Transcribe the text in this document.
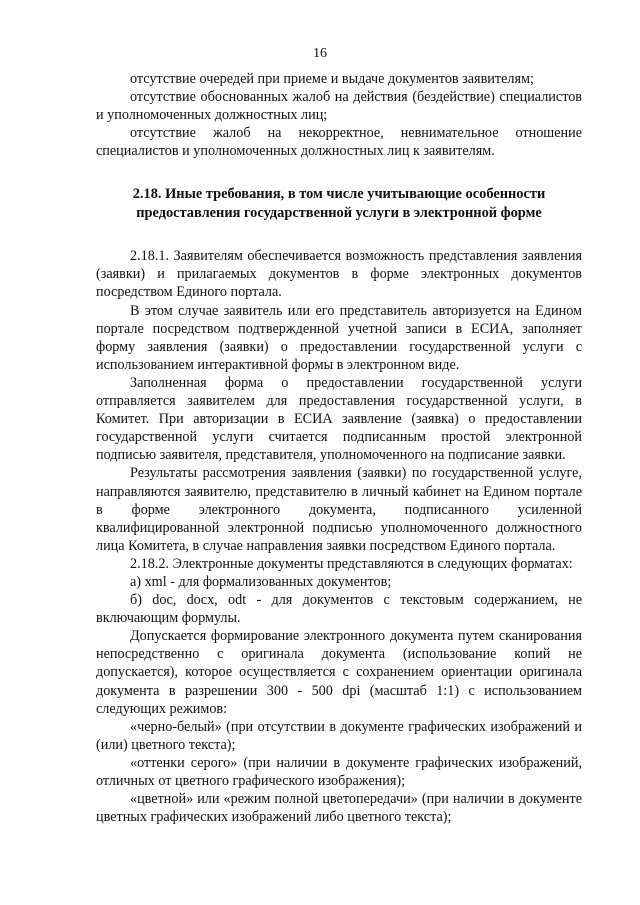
16

отсутствие очередей при приеме и выдаче документов заявителям;

отсутствие обоснованных жалоб на действия (бездействие) специалистов и уполномоченных должностных лиц;

отсутствие жалоб на некорректное, невнимательное отношение специалистов и уполномоченных должностных лиц к заявителям.

2.18. Иные требования, в том числе учитывающие особенности предоставления государственной услуги в электронной форме

2.18.1. Заявителям обеспечивается возможность представления заявления (заявки) и прилагаемых документов в форме электронных документов посредством Единого портала.

В этом случае заявитель или его представитель авторизуется на Едином портале посредством подтвержденной учетной записи в ЕСИА, заполняет форму заявления (заявки) о предоставлении государственной услуги с использованием интерактивной формы в электронном виде.

Заполненная форма о предоставлении государственной услуги отправляется заявителем для предоставления государственной услуги, в Комитет. При авторизации в ЕСИА заявление (заявка) о предоставлении государственной услуги считается подписанным простой электронной подписью заявителя, представителя, уполномоченного на подписание заявки.

Результаты рассмотрения заявления (заявки) по государственной услуге, направляются заявителю, представителю в личный кабинет на Едином портале в форме электронного документа, подписанного усиленной квалифицированной электронной подписью уполномоченного должностного лица Комитета, в случае направления заявки посредством Единого портала.

2.18.2. Электронные документы представляются в следующих форматах:

а) xml - для формализованных документов;

б) doc, docx, odt - для документов с текстовым содержанием, не включающим формулы.

Допускается формирование электронного документа путем сканирования непосредственно с оригинала документа (использование копий не допускается), которое осуществляется с сохранением ориентации оригинала документа в разрешении 300 - 500 dpi (масштаб 1:1) с использованием следующих режимов:

«черно-белый» (при отсутствии в документе графических изображений и (или) цветного текста);

«оттенки серого» (при наличии в документе графических изображений, отличных от цветного графического изображения);

«цветной» или «режим полной цветопередачи» (при наличии в документе цветных графических изображений либо цветного текста);
